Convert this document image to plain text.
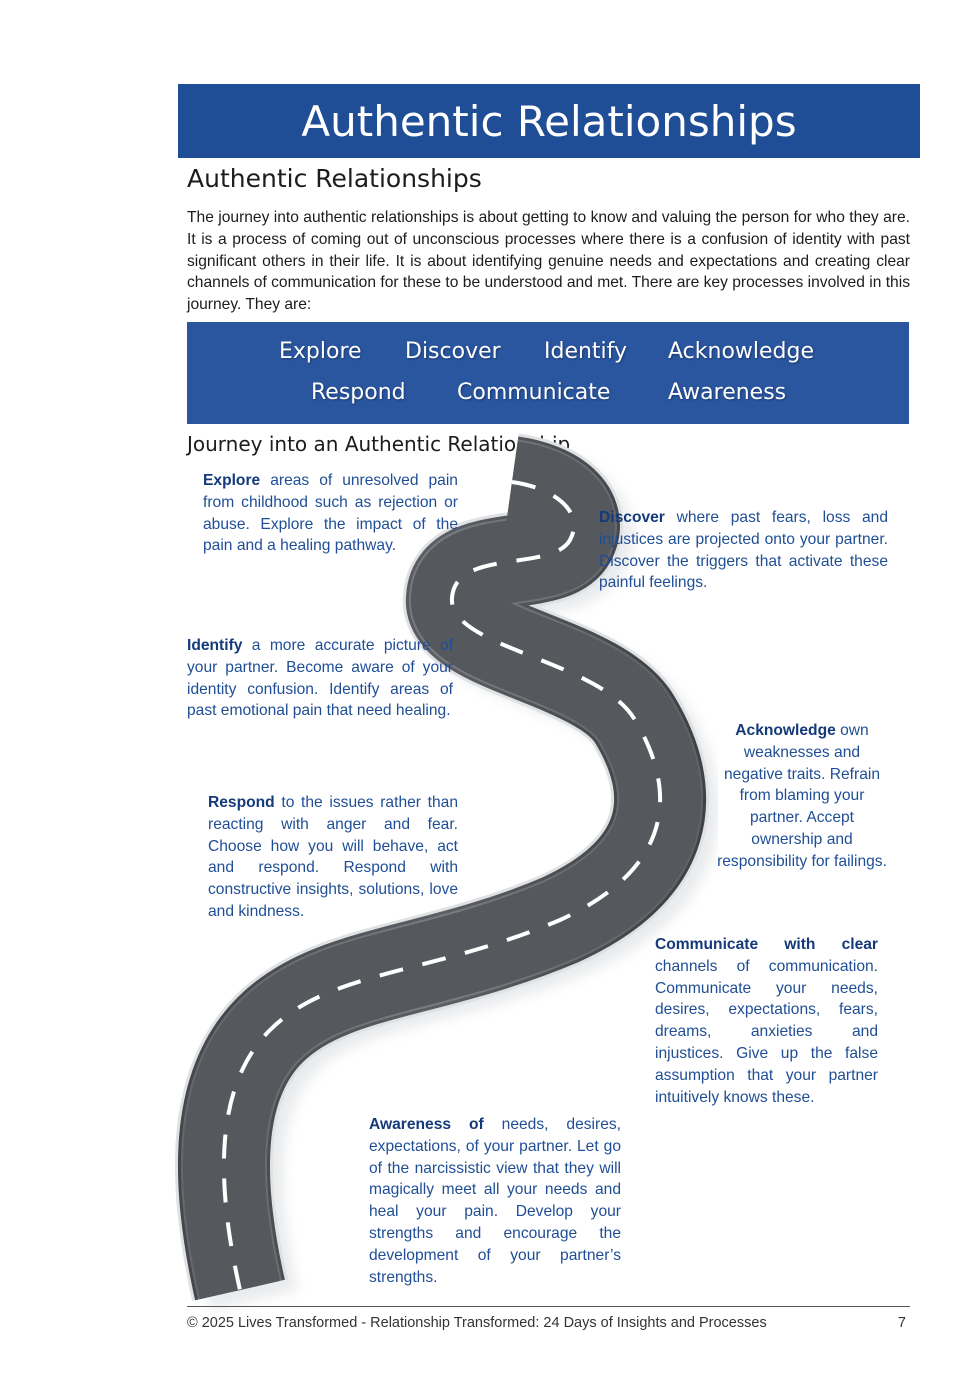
Authentic Relationships
Authentic Relationships
The journey into authentic relationships is about getting to know and valuing the person for who they are. It is a process of coming out of unconscious processes where there is a confusion of identity with past significant others in their life. It is about identifying genuine needs and expectations and creating clear channels of communication for these to be understood and met. There are key processes involved in this journey. They are:
Explore Discover Identify Acknowledge
Respond Communicate	Awareness
Journey into an Authentic Relationship
Explore areas of unresolved pain from childhood such as rejection or abuse. Explore the impact of the pain and a healing pathway.
Discover where past fears, loss and injustices are projected onto your partner. Discover the triggers that activate these painful feelings.
Identify a more accurate picture of your partner. Become aware of your identity confusion. Identify areas of past emotional pain that need healing.
Acknowledge own weaknesses and negative traits. Refrain from blaming your partner. Accept ownership and responsibility for failings.
Respond to the issues rather than reacting with anger and fear. Choose how you will behave, act and respond. Respond with constructive insights, solutions, love and kindness.
Communicate with clear channels of communication. Communicate your needs, desires, expectations, fears, dreams, anxieties and injustices. Give up the false assumption that your partner intuitively knows these.
Awareness of needs, desires, expectations, of your partner. Let go of the narcissistic view that they will magically meet all your needs and heal your pain. Develop your strengths and encourage the development of your partner’s strengths.
© 2025 Lives Transformed - Relationship Transformed: 24 Days of Insights and Processes	7
